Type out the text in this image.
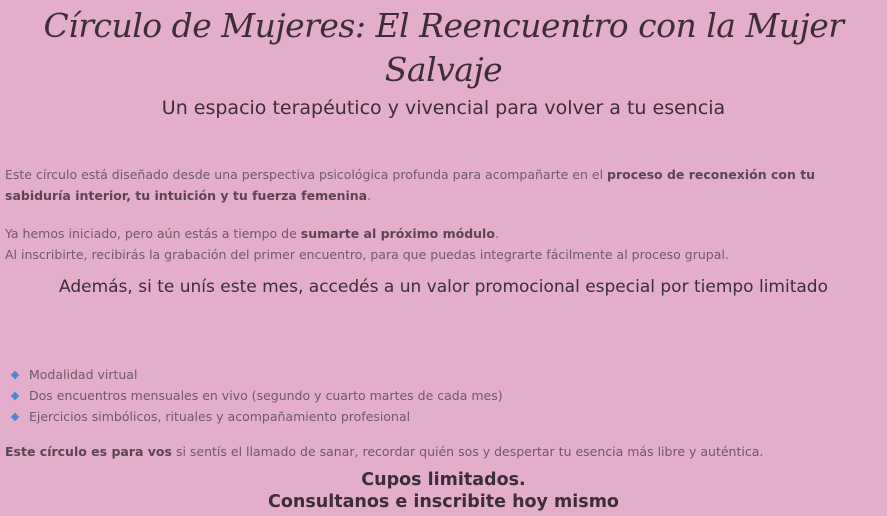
Círculo de Mujeres: El Reencuentro con la Mujer Salvaje
Un espacio terapéutico y vivencial para volver a tu esencia

Este círculo está diseñado desde una perspectiva psicológica profunda para acompañarte en el proceso de reconexión con tu sabiduría interior, tu intuición y tu fuerza femenina.

Ya hemos iniciado, pero aún estás a tiempo de sumarte al próximo módulo.
Al inscribirte, recibirás la grabación del primer encuentro, para que puedas integrarte fácilmente al proceso grupal.

Además, si te unís este mes, accedés a un valor promocional especial por tiempo limitado
Modalidad virtual
Dos encuentros mensuales en vivo (segundo y cuarto martes de cada mes)
Ejercicios simbólicos, rituales y acompañamiento profesional

Este círculo es para vos si sentís el llamado de sanar, recordar quién sos y despertar tu esencia más libre y auténtica.

Cupos limitados.
Consultanos e inscribite hoy mismo
